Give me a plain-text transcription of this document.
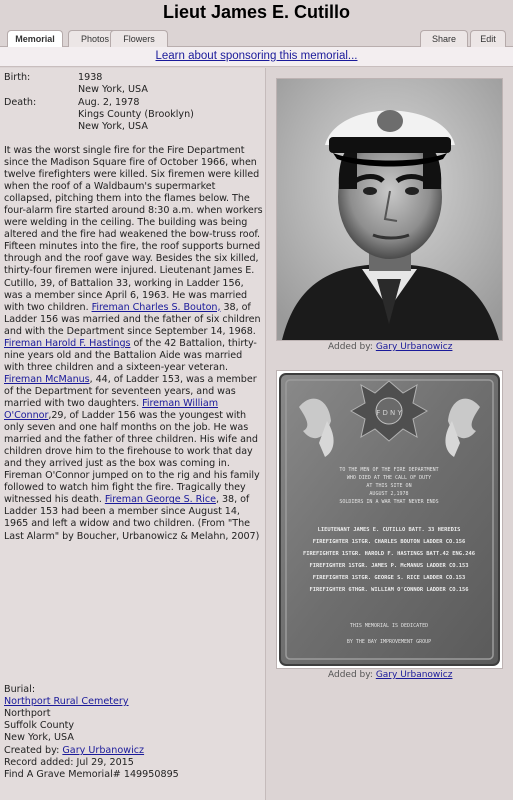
Lieut James E. Cutillo
Memorial	Photos	Flowers	Share	Edit
Learn about sponsoring this memorial...
Birth:	1938
New York, USA
Death:	Aug. 2, 1978
Kings County (Brooklyn)
New York, USA
It was the worst single fire for the Fire Department since the Madison Square fire of October 1966, when twelve firefighters were killed. Six firemen were killed when the roof of a Waldbaum's supermarket collapsed, pitching them into the flames below. The four-alarm fire started around 8:30 a.m. when workers were welding in the ceiling. The building was being altered and the fire had weakened the bow-truss roof. Fifteen minutes into the fire, the roof supports burned through and the roof gave way. Besides the six killed, thirty-four firemen were injured. Lieutenant James E. Cutillo, 39, of Battalion 33, working in Ladder 156, was a member since April 6, 1963. He was married with two children. Fireman Charles S. Bouton, 38, of Ladder 156 was married and the father of six children and with the Department since September 14, 1968. Fireman Harold F. Hastings of the 42 Battalion, thirty-nine years old and the Battalion Aide was married with three children and a sixteen-year veteran. Fireman McManus, 44, of Ladder 153, was a member of the Department for seventeen years, and was married with two daughters. Fireman William O'Connor,29, of Ladder 156 was the youngest with only seven and one half months on the job. He was married and the father of three children. His wife and children drove him to the firehouse to work that day and they arrived just as the box was coming in. Fireman O'Connor jumped on to the rig and his family followed to watch him fight the fire. Tragically they witnessed his death. Fireman George S. Rice, 38, of Ladder 153 had been a member since August 14, 1965 and left a widow and two children. (From "The Last Alarm" by Boucher, Urbanowicz & Melahn, 2007)
Burial:
Northport Rural Cemetery
Northport
Suffolk County
New York, USA
Created by: Gary Urbanowicz
Record added: Jul 29, 2015
Find A Grave Memorial# 149950895
Added by: Gary Urbanowicz
F D N Y
TO THE MEN OF THE FIRE DEPARTMENT
WHO DIED AT THE CALL OF DUTY
AT THIS SITE ON
AUGUST 2,1978
SOLDIERS IN A WAR THAT NEVER ENDS
LIEUTENANT JAMES E. CUTILLO BATT. 33 HEREDIS
FIREFIGHTER 1STGR. CHARLES BOUTON LADDER CO.156
FIREFIGHTER 1STGR. HAROLD F. HASTINGS BATT.42 ENG.246
FIREFIGHTER 1STGR. JAMES P. McMANUS LADDER CO.153
FIREFIGHTER 1STGR. GEORGE S. RICE LADDER CO.153
FIREFIGHTER 6THGR. WILLIAM O'CONNOR LADDER CO.156
THIS MEMORIAL IS DEDICATED
BY THE BAY IMPROVEMENT GROUP
Added by: Gary Urbanowicz
